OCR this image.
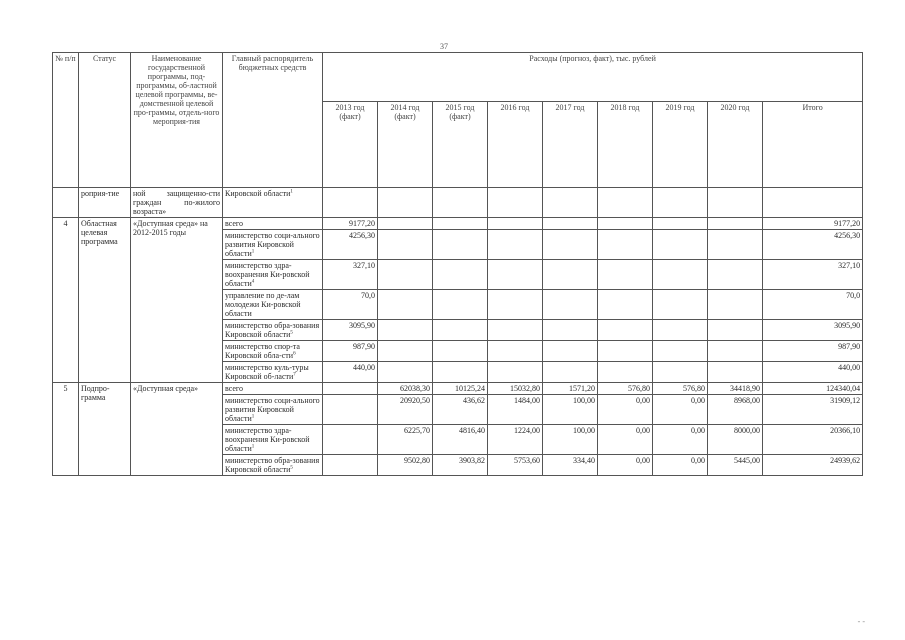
37
№ п/п	Статус	Наименование государственной программы, под-программы, об-ластной целевой программы, ве-домственной целевой про-граммы, отдель-ного мероприя-тия	Главный распорядитель бюджетных средств	Расходы (прогноз, факт), тыс. рублей								
				2013 год (факт)	2014 год (факт)	2015 год (факт)	2016 год	2017 год	2018 год	2019 год	2020 год	Итого
	роприя-тие	ной защищенно-сти граждан по-жилого возраста»	Кировской области$^1$									
4	Областная целевая программа	«Доступная среда» на 2012-2015 годы	всего	9177,20								9177,20
			министерство соци-ального развития Кировской области$^1$	4256,30								4256,30
			министерство здра-воохранения Ки-ровской области$^4$	327,10								327,10
			управление по де-лам молодежи Ки-ровской области	70,0								70,0
			министерство обра-зования Кировской области$^5$	3095,90								3095,90
			министерство спор-та Кировской обла-сти$^6$	987,90								987,90
			министерство куль-туры Кировской об-ласти$^7$	440,00								440,00
5	Подпро-грамма	«Доступная среда»	всего		62038,30	10125,24	15032,80	1571,20	576,80	576,80	34418,90	124340,04
			министерство соци-ального развития Кировской области$^1$		20920,50	436,62	1484,00	100,00	0,00	0,00	8968,00	31909,12
			министерство здра-воохранения Ки-ровской области$^1$		6225,70	4816,40	1224,00	100,00	0,00	0,00	8000,00	20366,10
			министерство обра-зования Кировской области$^5$		9502,80	3903,82	5753,60	334,40	0,00	0,00	5445,00	24939,62
- -
